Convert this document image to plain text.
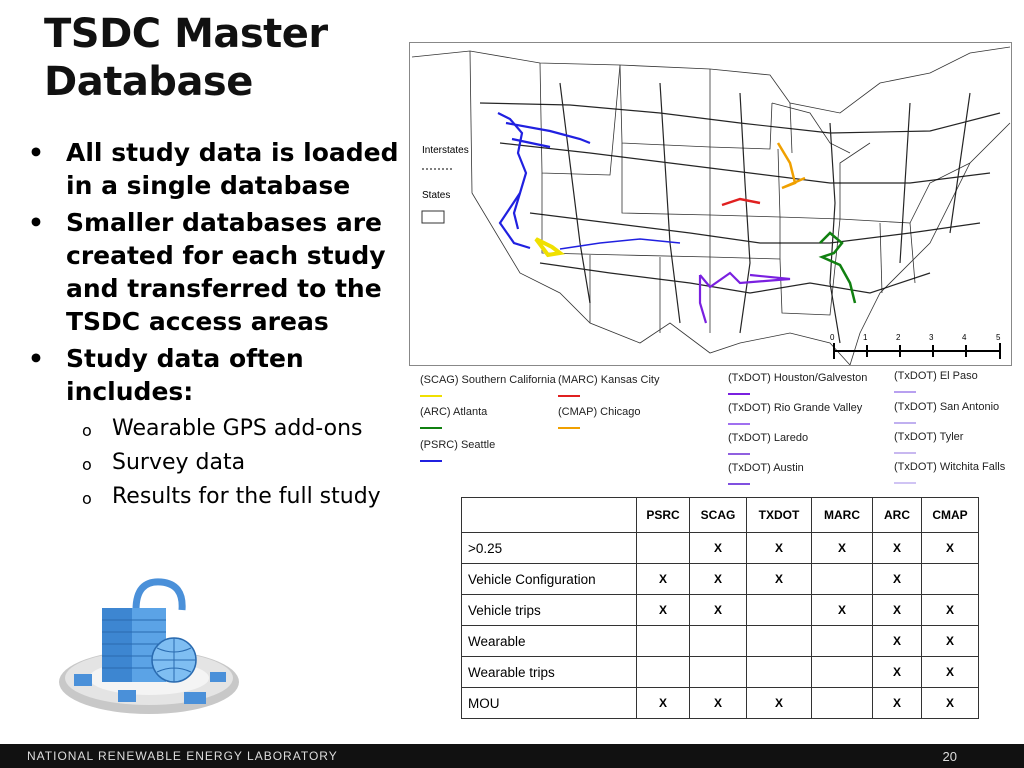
TSDC Master Database
• All study data is loaded in a single database
• Smaller databases are created for each study and transferred to the TSDC access areas
• Study data often includes:
o Wearable GPS add-ons
o Survey data
o Results for the full study
0	1	2	3	4	5
Interstates
States
(SCAG) Southern California (MARC) Kansas City	(TxDOT) Houston/Galveston (TxDOT) El Paso
(ARC) Atlanta	(CMAP) Chicago	(TxDOT) Rio Grande Valley	(TxDOT) San Antonio
(PSRC) Seattle
(TxDOT) Laredo	(TxDOT) Tyler
(TxDOT) Austin	(TxDOT) Witchita Falls
	PSRC	SCAG	TXDOT	MARC	ARC	CMAP
>0.25		X	X	X	X	X
Vehicle Configuration	X	X	X		X	
Vehicle trips	X	X		X	X	X
Wearable					X	X
Wearable trips					X	X
MOU	X	X	X		X	X
NATIONAL RENEWABLE ENERGY LABORATORY	20
